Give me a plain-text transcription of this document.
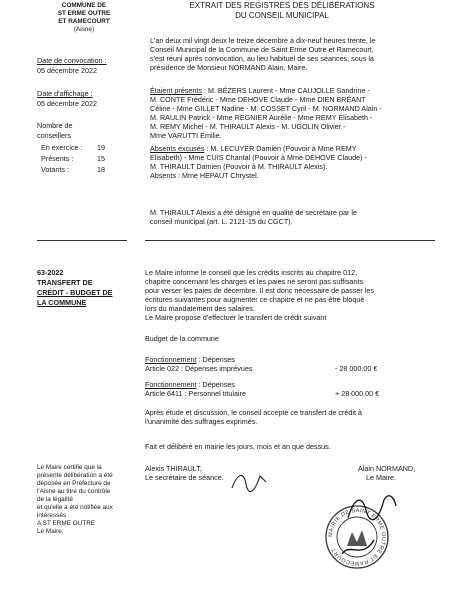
COMMUNE DE
ST ERME OUTRE
ET RAMECOURT
(Aisne)
EXTRAIT DES REGISTRES DES DÉLIBÉRATIONS
DU CONSEIL MUNICIPAL
Date de convocation :
05 décembre 2022
Date d'affichage :
05 décembre 2022
Nombre de
conseillers
En exercice : 19
Présents :	15
Votants :	18
L'an deux mil vingt deux le treize décembre à dix-neuf heures trente, le
Conseil Municipal de la Commune de Saint Erme Outre et Ramecourt,
s'est réuni après convocation, au lieu habituel de ses séances, sous la
présidence de Monsieur NORMAND Alain, Maire.
Étaient présents : M. BÉZERS Laurent - Mme CAUJOLLE Sandrine -
M. CONTE Frédéric - Mme DEHOVE Claude - Mme DIEN BRÉANT
Céline - Mme GILLET Nadine - M. COSSET Cyril - M. NORMAND Alain -
M. RAULIN Patrick - Mme REGNIER Aurélie - Mme REMY Élisabeth -
M. REMY Michel - M. THIRAULT Alexis - M. UGOLIN Olivier -
Mme VARUTTI Emilie.
Absents excusés : M. LECUYER Damien (Pouvoir à Mme REMY
Elisabeth) - Mme CUIS Chantal (Pouvoir à Mme DEHOVE Claude) -
M. THIRAULT Damien (Pouvoir à M. THIRAULT Alexis).
Absents : Mme HEPAUT Chrystel.
M. THIRAULT Alexis a été désigné en qualité de secrétaire par le
conseil municipal (art. L. 2121-15 du CGCT).
63-2022
TRANSFERT DE
CRÉDIT - BUDGET DE
LA COMMUNE
Le Maire informe le conseil que les crédits inscrits au chapitre 012,
chapitre concernant les charges et les paies ne seront pas suffisants
pour verser les paies de décembre. Il est donc nécessaire de passer les
écritures suivantes pour augmenter ce chapitre et ne pas être bloqué
lors du mandatement des salaires.
Le Maire propose d'effectuer le transfert de crédit suivant
Budget de la commune
Fonctionnement : Dépenses
Article 022 : Dépenses imprévues	- 28 000.00 €
Fonctionnement : Dépenses
Article 6411 : Personnel titulaire	+ 28 000.00 €
Après étude et discussion, le conseil accepte ce transfert de crédit à
l'unanimité des suffrages exprimés.
Fait et délibéré en mairie les jours, mois et an que dessus.
Le Maire certifie que la
présente délibération a été
déposée en Préfecture de
l'Aisne au titre du contrôle
de la légalité
et qu'elle a été notifiée aux
intéressés
A ST ERME OUTRE
Le Maire,
Alexis THIRAULT,
Le secrétaire de séance.
Alain NORMAND,
Le Maire.
MAIRIE DE SAINT ERME OUTRE ET RAMECOURT
